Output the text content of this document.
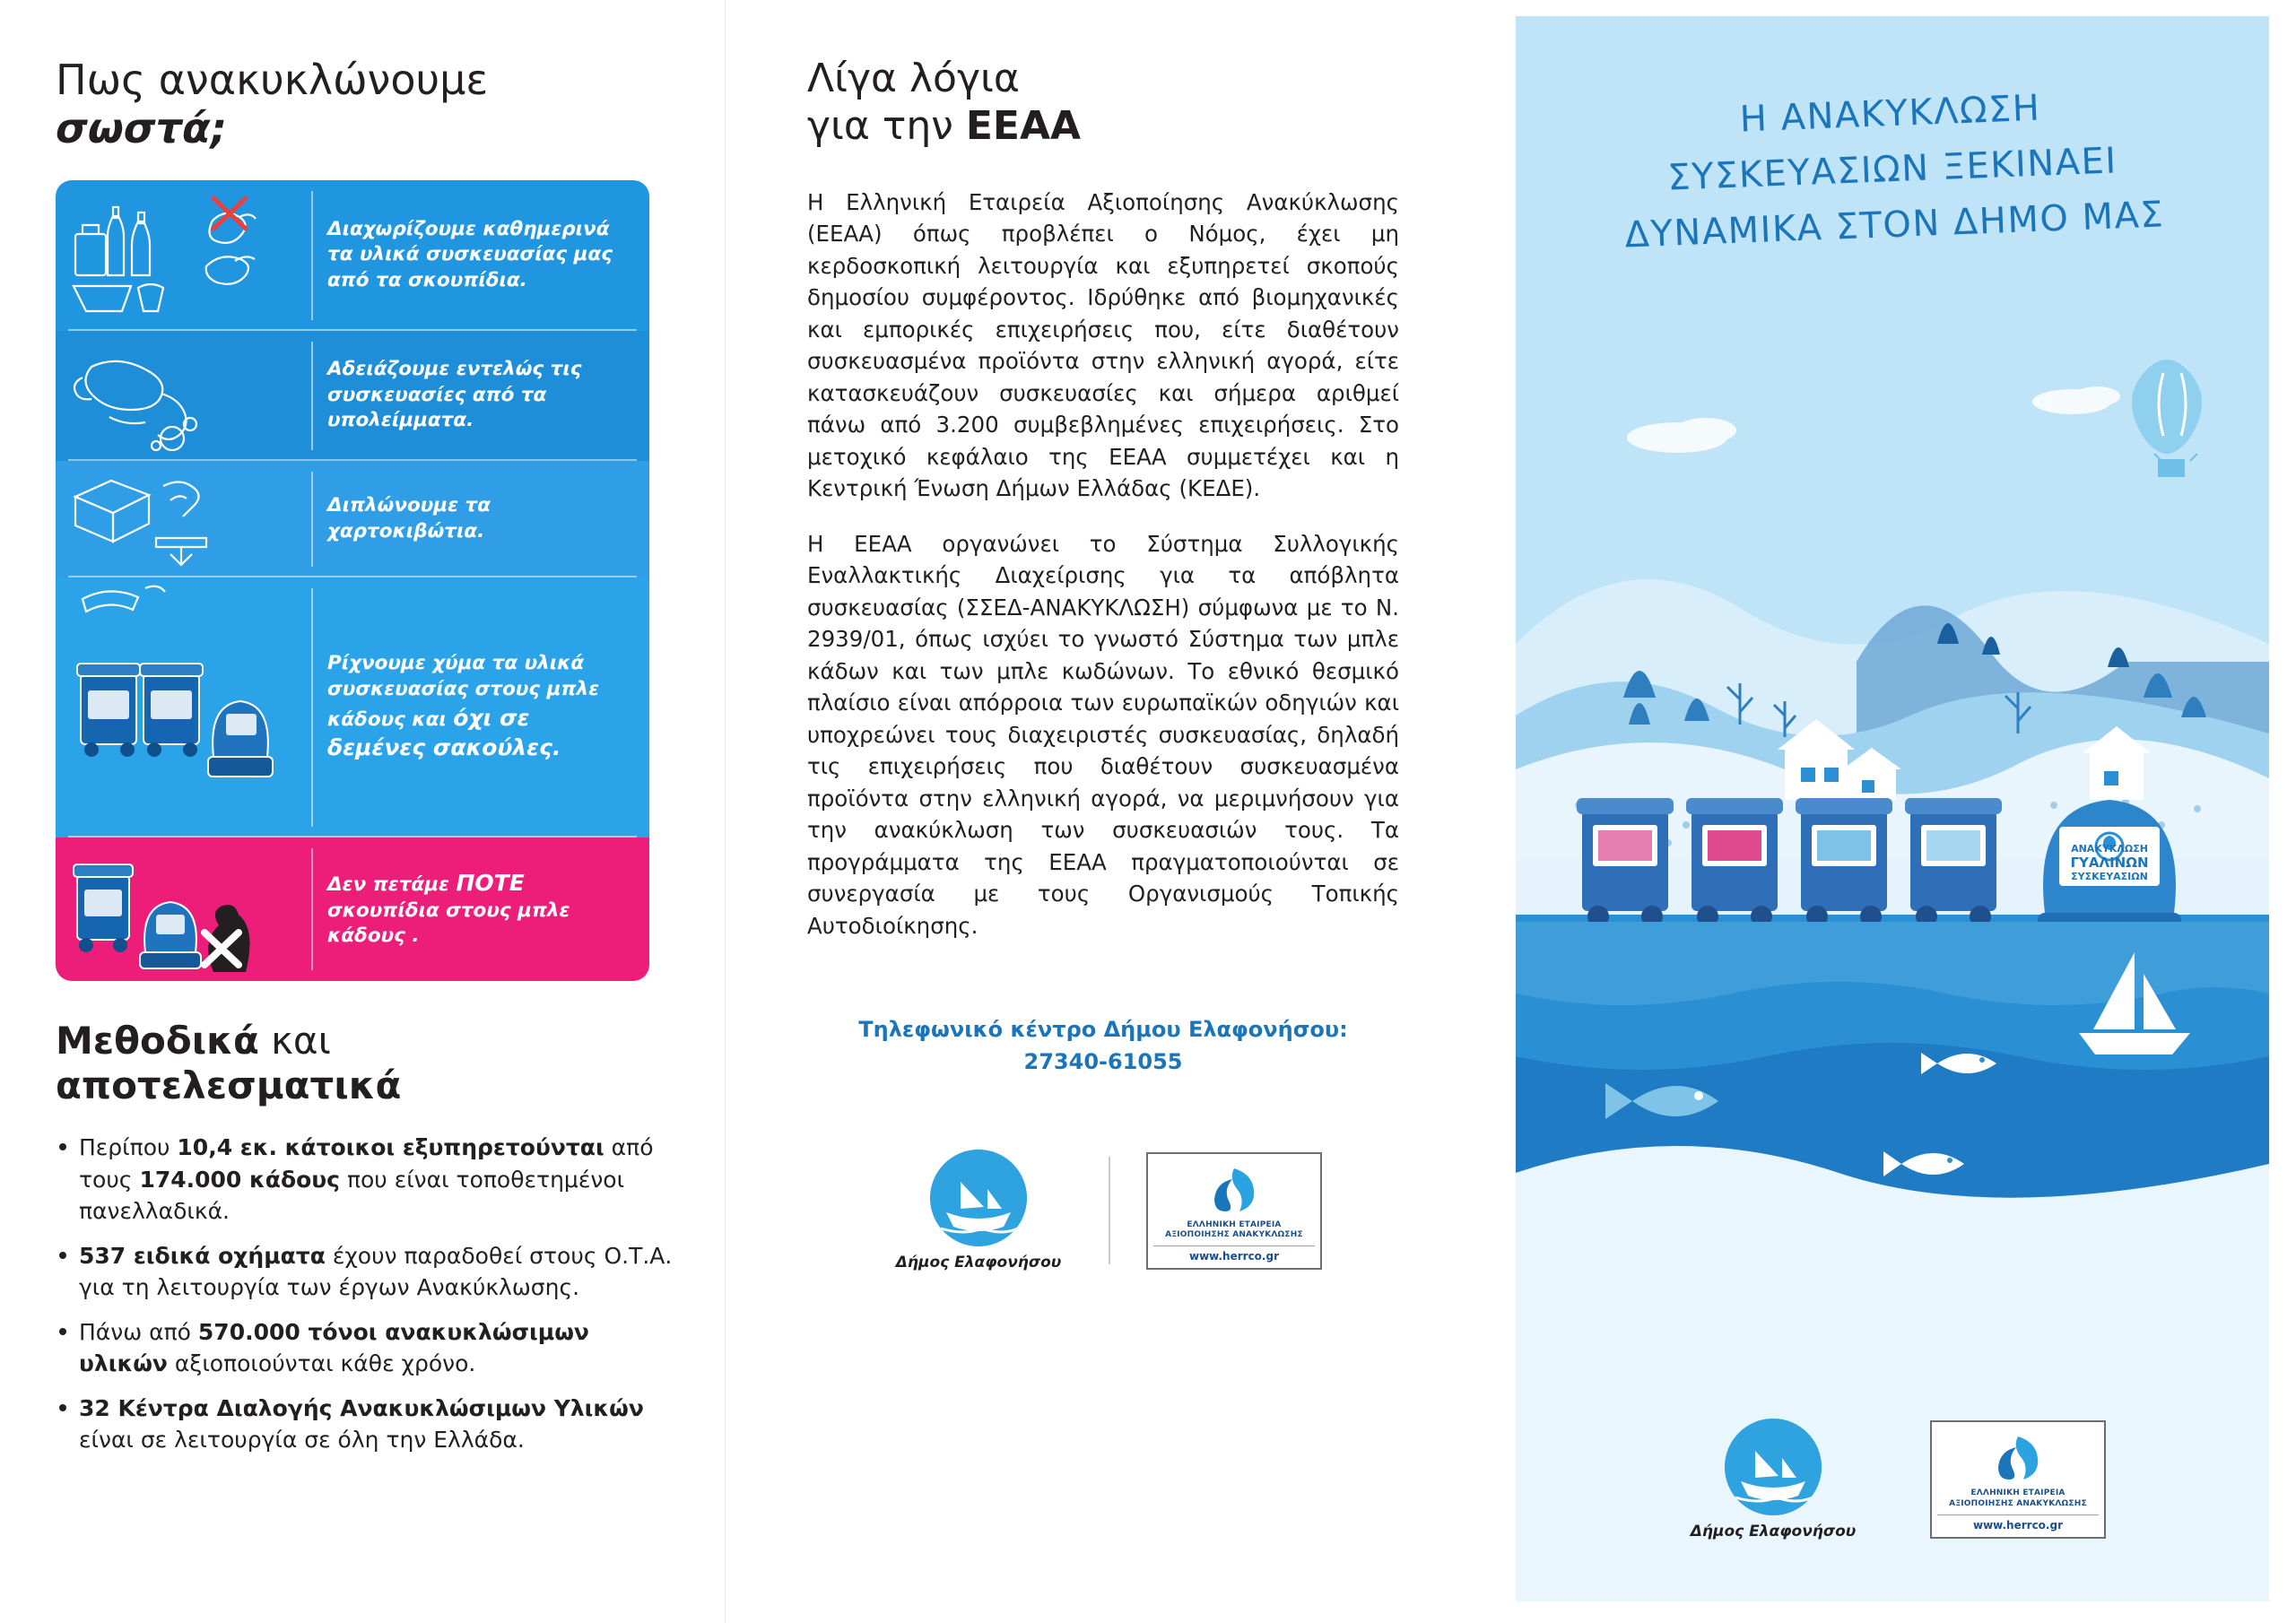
Πως ανακυκλώνουμε
σωστά;
Διαχωρίζουμε καθημερινά τα υλικά συσκευασίας μας από τα σκουπίδια.
Αδειάζουμε εντελώς τις συσκευασίες από τα υπολείμματα.
Διπλώνουμε τα χαρτοκιβώτια.
Ρίχνουμε χύμα τα υλικά συσκευασίας στους μπλε κάδους και όχι σε δεμένες σακούλες.
Δεν πετάμε ΠΟΤΕ σκουπίδια στους μπλε κάδους .
Μεθοδικά και
αποτελεσματικά
Περίπου 10,4 εκ. κάτοικοι εξυπηρετούνται από τους 174.000 κάδους που είναι τοποθετημένοι πανελλαδικά.
537 ειδικά οχήματα έχουν παραδοθεί στους Ο.Τ.Α. για τη λειτουργία των έργων Ανακύκλωσης.
Πάνω από 570.000 τόνοι ανακυκλώσιμων υλικών αξιοποιούνται κάθε χρόνο.
32 Κέντρα Διαλογής Ανακυκλώσιμων Υλικών είναι σε λειτουργία σε όλη την Ελλάδα.
Λίγα λόγια
για την ΕΕΑΑ

Η Ελληνική Εταιρεία Αξιοποίησης Ανακύκλωσης (ΕΕΑΑ) όπως προβλέπει ο Νόμος, έχει μη κερδοσκοπική λειτουργία και εξυπηρετεί σκοπούς δημοσίου συμφέροντος. Ιδρύθηκε από βιομηχανικές και εμπορικές επιχειρήσεις που, είτε διαθέτουν συσκευασμένα προϊόντα στην ελληνική αγορά, είτε κατασκευάζουν συσκευασίες και σήμερα αριθμεί πάνω από 3.200 συμβεβλημένες επιχειρήσεις. Στο μετοχικό κεφάλαιο της ΕΕΑΑ συμμετέχει και η Κεντρική Ένωση Δήμων Ελλάδας (ΚΕΔΕ).

Η ΕΕΑΑ οργανώνει το Σύστημα Συλλογικής Εναλλακτικής Διαχείρισης για τα απόβλητα συσκευασίας (ΣΣΕΔ-ΑΝΑΚΥΚΛΩΣΗ) σύμφωνα με το Ν. 2939/01, όπως ισχύει το γνωστό Σύστημα των μπλε κάδων και των μπλε κωδώνων. Το εθνικό θεσμικό πλαίσιο είναι απόρροια των ευρωπαϊκών οδηγιών και υποχρεώνει τους διαχειριστές συσκευασίας, δηλαδή τις επιχειρήσεις που διαθέτουν συσκευασμένα προϊόντα στην ελληνική αγορά, να μεριμνήσουν για την ανακύκλωση των συσκευασιών τους. Τα προγράμματα της ΕΕΑΑ πραγματοποιούνται σε συνεργασία με τους Οργανισμούς Τοπικής Αυτοδιοίκησης.

Τηλεφωνικό κέντρο Δήμου Ελαφονήσου:
27340-61055
Δήμος Ελαφονήσου
ΕΛΛΗΝΙΚΗ ΕΤΑΙΡΕΙΑ
ΑΞΙΟΠΟΙΗΣΗΣ ΑΝΑΚΥΚΛΩΣΗΣ
www.herrco.gr
Η ΑΝΑΚΥΚΛΩΣΗ
ΣΥΣΚΕΥΑΣΙΩΝ ΞΕΚΙΝΑΕΙ
ΔΥΝΑΜΙΚΑ ΣΤΟΝ ΔΗΜΟ ΜΑΣ
ΑΝΑΚΥΚΛΩΣΗ
ΓΥΑΛΙΝΩΝ
ΣΥΣΚΕΥΑΣΙΩΝ
Δήμος Ελαφονήσου
ΕΛΛΗΝΙΚΗ ΕΤΑΙΡΕΙΑ
ΑΞΙΟΠΟΙΗΣΗΣ ΑΝΑΚΥΚΛΩΣΗΣ
www.herrco.gr
